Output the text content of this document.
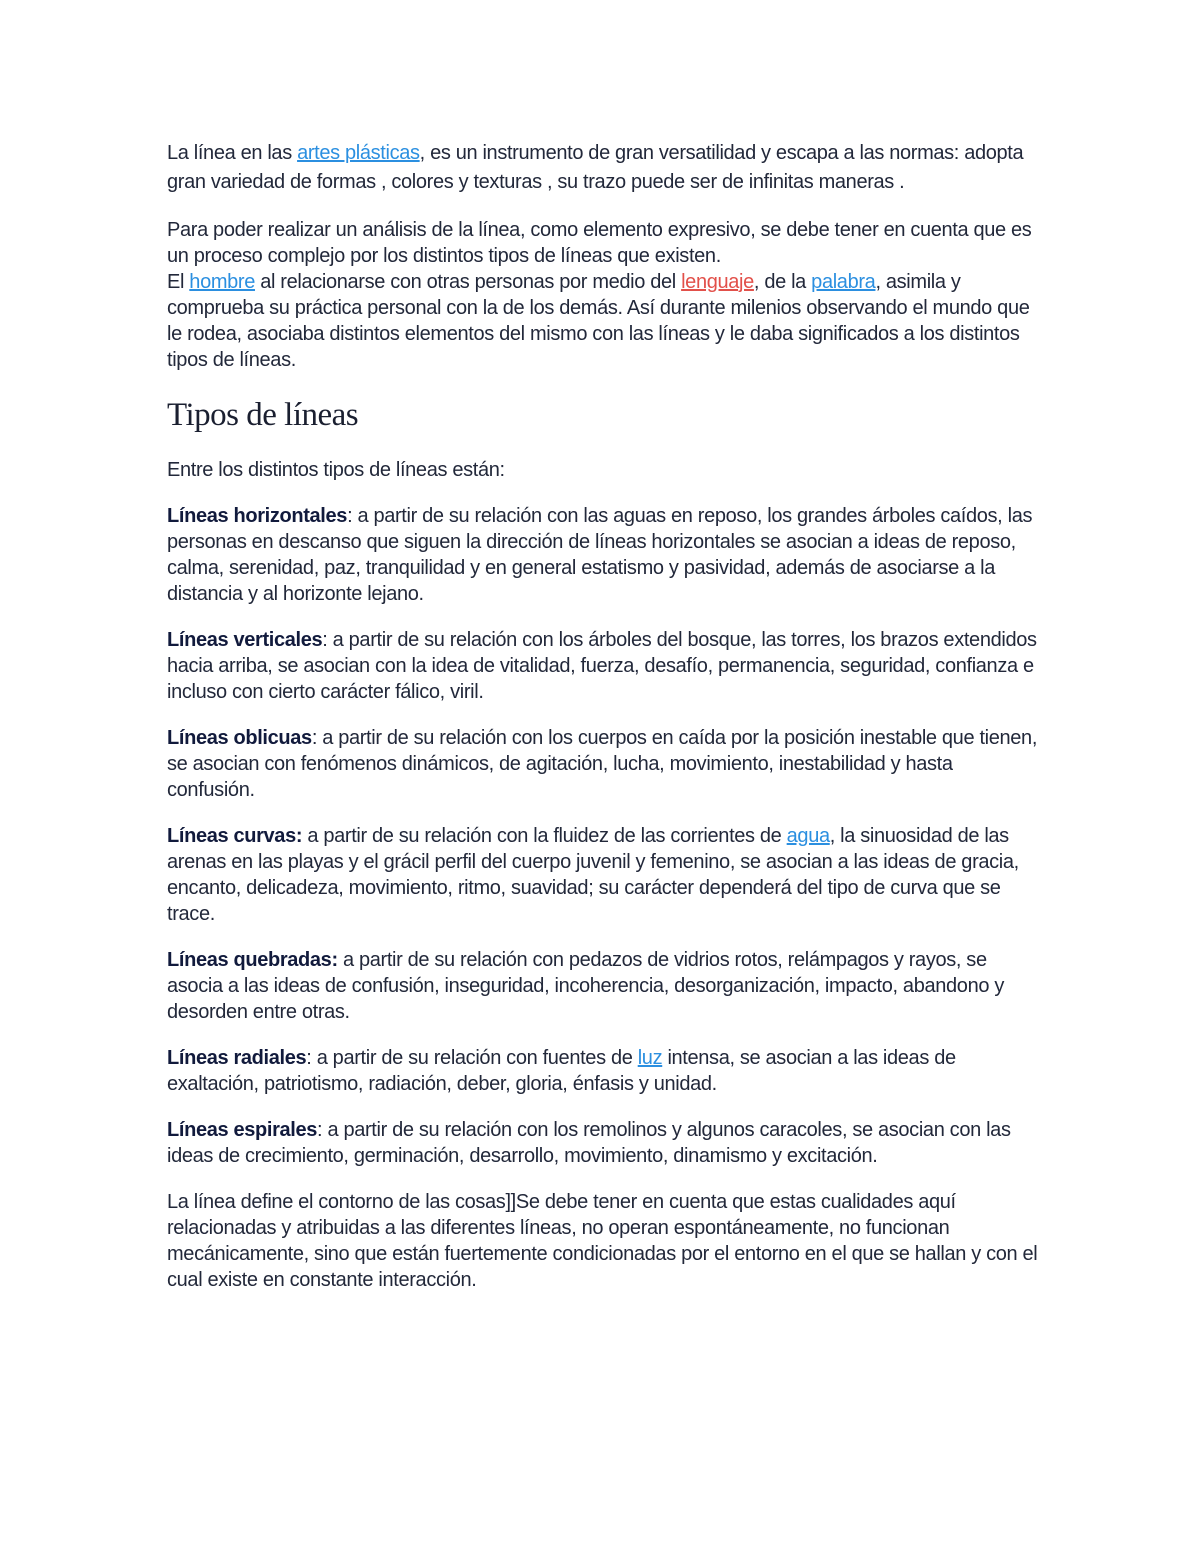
La línea en las artes plásticas, es un instrumento de gran versatilidad y escapa a las normas: adopta gran variedad de formas , colores y texturas , su trazo puede ser de infinitas maneras .

Para poder realizar un análisis de la línea, como elemento expresivo, se debe tener en cuenta que es un proceso complejo por los distintos tipos de líneas que existen.
El hombre al relacionarse con otras personas por medio del lenguaje, de la palabra, asimila y comprueba su práctica personal con la de los demás. Así durante milenios observando el mundo que le rodea, asociaba distintos elementos del mismo con las líneas y le daba significados a los distintos tipos de líneas.

Tipos de líneas

Entre los distintos tipos de líneas están:

Líneas horizontales: a partir de su relación con las aguas en reposo, los grandes árboles caídos, las personas en descanso que siguen la dirección de líneas horizontales se asocian a ideas de reposo, calma, serenidad, paz, tranquilidad y en general estatismo y pasividad, además de asociarse a la distancia y al horizonte lejano.

Líneas verticales: a partir de su relación con los árboles del bosque, las torres, los brazos extendidos hacia arriba, se asocian con la idea de vitalidad, fuerza, desafío, permanencia, seguridad, confianza e incluso con cierto carácter fálico, viril.

Líneas oblicuas: a partir de su relación con los cuerpos en caída por la posición inestable que tienen, se asocian con fenómenos dinámicos, de agitación, lucha, movimiento, inestabilidad y hasta confusión.

Líneas curvas: a partir de su relación con la fluidez de las corrientes de agua, la sinuosidad de las arenas en las playas y el grácil perfil del cuerpo juvenil y femenino, se asocian a las ideas de gracia, encanto, delicadeza, movimiento, ritmo, suavidad; su carácter dependerá del tipo de curva que se trace.

Líneas quebradas: a partir de su relación con pedazos de vidrios rotos, relámpagos y rayos, se asocia a las ideas de confusión, inseguridad, incoherencia, desorganización, impacto, abandono y desorden entre otras.

Líneas radiales: a partir de su relación con fuentes de luz intensa, se asocian a las ideas de exaltación, patriotismo, radiación, deber, gloria, énfasis y unidad.

Líneas espirales: a partir de su relación con los remolinos y algunos caracoles, se asocian con las ideas de crecimiento, germinación, desarrollo, movimiento, dinamismo y excitación.

La línea define el contorno de las cosas]]Se debe tener en cuenta que estas cualidades aquí relacionadas y atribuidas a las diferentes líneas, no operan espontáneamente, no funcionan mecánicamente, sino que están fuertemente condicionadas por el entorno en el que se hallan y con el cual existe en constante interacción.
